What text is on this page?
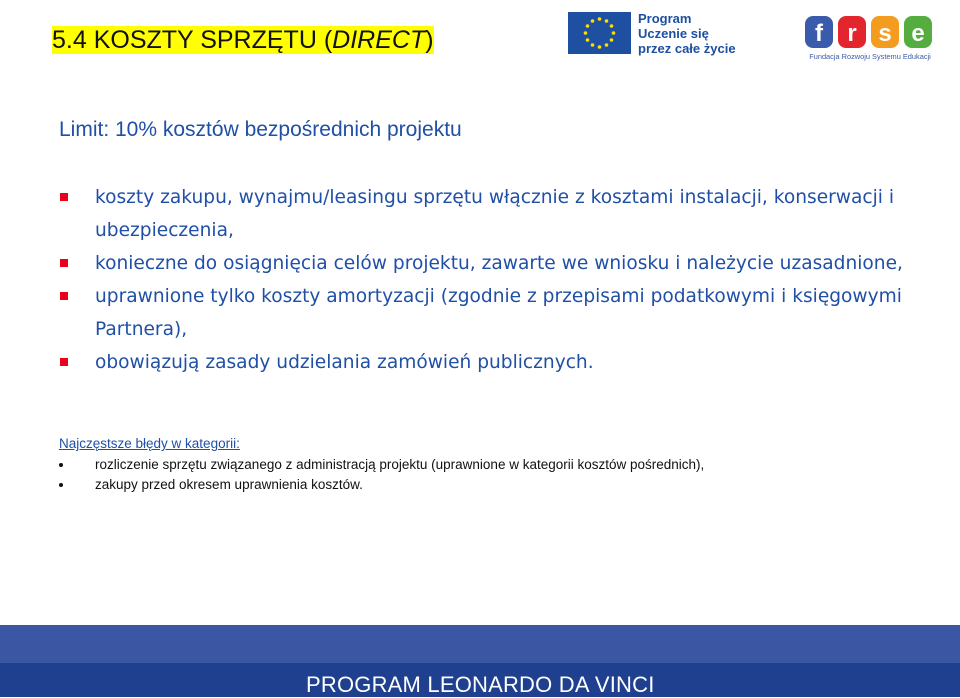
5.4 KOSZTY SPRZĘTU (DIRECT)
Program
Uczenie się
przez całe życie
f r s e
Fundacja Rozwoju Systemu Edukacji
Limit: 10% kosztów bezpośrednich projektu
koszty zakupu, wynajmu/leasingu sprzętu włącznie z kosztami instalacji, konserwacji i ubezpieczenia,
konieczne do osiągnięcia celów projektu, zawarte we wniosku i należycie uzasadnione,
uprawnione tylko koszty amortyzacji (zgodnie z przepisami podatkowymi i księgowymi Partnera),
obowiązują zasady udzielania zamówień publicznych.
Najczęstsze błędy w kategorii:
rozliczenie sprzętu związanego z administracją projektu (uprawnione w kategorii kosztów pośrednich),
zakupy przed okresem uprawnienia kosztów.
PROGRAM LEONARDO DA VINCI
